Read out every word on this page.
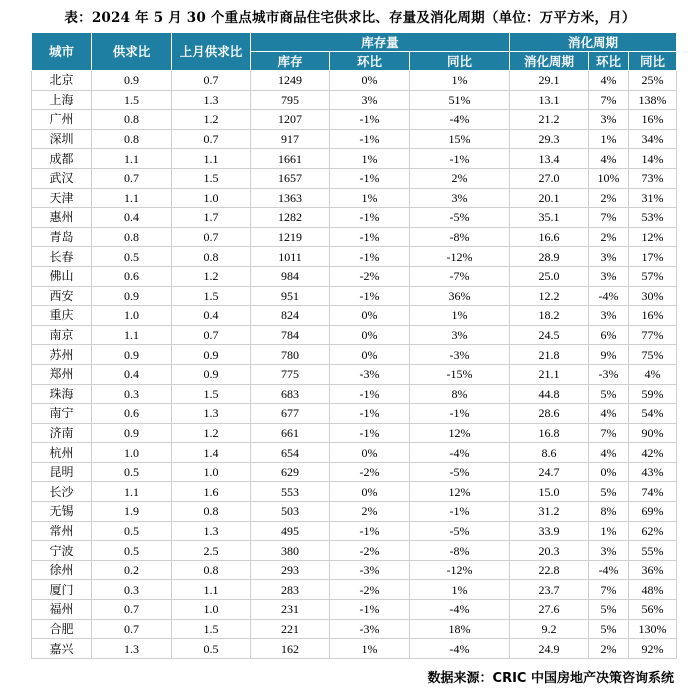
表：2024 年 5 月 30 个重点城市商品住宅供求比、存量及消化周期（单位：万平方米，月）
城市	供求比	上月供求比	库存量			消化周期		
			库存	环比	同比	消化周期	环比	同比
北京	0.9	0.7	1249	0%	1%	29.1	4%	25%
上海	1.5	1.3	795	3%	51%	13.1	7%	138%
广州	0.8	1.2	1207	-1%	-4%	21.2	3%	16%
深圳	0.8	0.7	917	-1%	15%	29.3	1%	34%
成都	1.1	1.1	1661	1%	-1%	13.4	4%	14%
武汉	0.7	1.5	1657	-1%	2%	27.0	10%	73%
天津	1.1	1.0	1363	1%	3%	20.1	2%	31%
惠州	0.4	1.7	1282	-1%	-5%	35.1	7%	53%
青岛	0.8	0.7	1219	-1%	-8%	16.6	2%	12%
长春	0.5	0.8	1011	-1%	-12%	28.9	3%	17%
佛山	0.6	1.2	984	-2%	-7%	25.0	3%	57%
西安	0.9	1.5	951	-1%	36%	12.2	-4%	30%
重庆	1.0	0.4	824	0%	1%	18.2	3%	16%
南京	1.1	0.7	784	0%	3%	24.5	6%	77%
苏州	0.9	0.9	780	0%	-3%	21.8	9%	75%
郑州	0.4	0.9	775	-3%	-15%	21.1	-3%	4%
珠海	0.3	1.5	683	-1%	8%	44.8	5%	59%
南宁	0.6	1.3	677	-1%	-1%	28.6	4%	54%
济南	0.9	1.2	661	-1%	12%	16.8	7%	90%
杭州	1.0	1.4	654	0%	-4%	8.6	4%	42%
昆明	0.5	1.0	629	-2%	-5%	24.7	0%	43%
长沙	1.1	1.6	553	0%	12%	15.0	5%	74%
无锡	1.9	0.8	503	2%	-1%	31.2	8%	69%
常州	0.5	1.3	495	-1%	-5%	33.9	1%	62%
宁波	0.5	2.5	380	-2%	-8%	20.3	3%	55%
徐州	0.2	0.8	293	-3%	-12%	22.8	-4%	36%
厦门	0.3	1.1	283	-2%	1%	23.7	7%	48%
福州	0.7	1.0	231	-1%	-4%	27.6	5%	56%
合肥	0.7	1.5	221	-3%	18%	9.2	5%	130%
嘉兴	1.3	0.5	162	1%	-4%	24.9	2%	92%
数据来源：CRIC 中国房地产决策咨询系统
